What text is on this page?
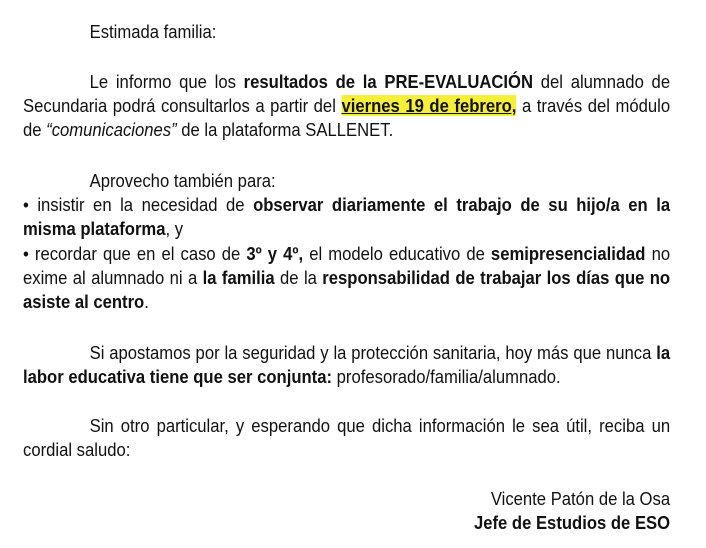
Estimada familia:

Le informo que los resultados de la PRE-EVALUACIÓN del alumnado de Secundaria podrá consultarlos a partir del viernes 19 de febrero, a través del módulo de “comunicaciones” de la plataforma SALLENET.

Aprovecho también para:

• insistir en la necesidad de observar diariamente el trabajo de su hijo/a en la misma plataforma, y

• recordar que en el caso de 3º y 4º, el modelo educativo de semipresencialidad no exime al alumnado ni a la familia de la responsabilidad de trabajar los días que no asiste al centro.

Si apostamos por la seguridad y la protección sanitaria, hoy más que nunca la labor educativa tiene que ser conjunta: profesorado/familia/alumnado.

Sin otro particular, y esperando que dicha información le sea útil, reciba un cordial saludo:

Vicente Patón de la Osa
Jefe de Estudios de ESO
